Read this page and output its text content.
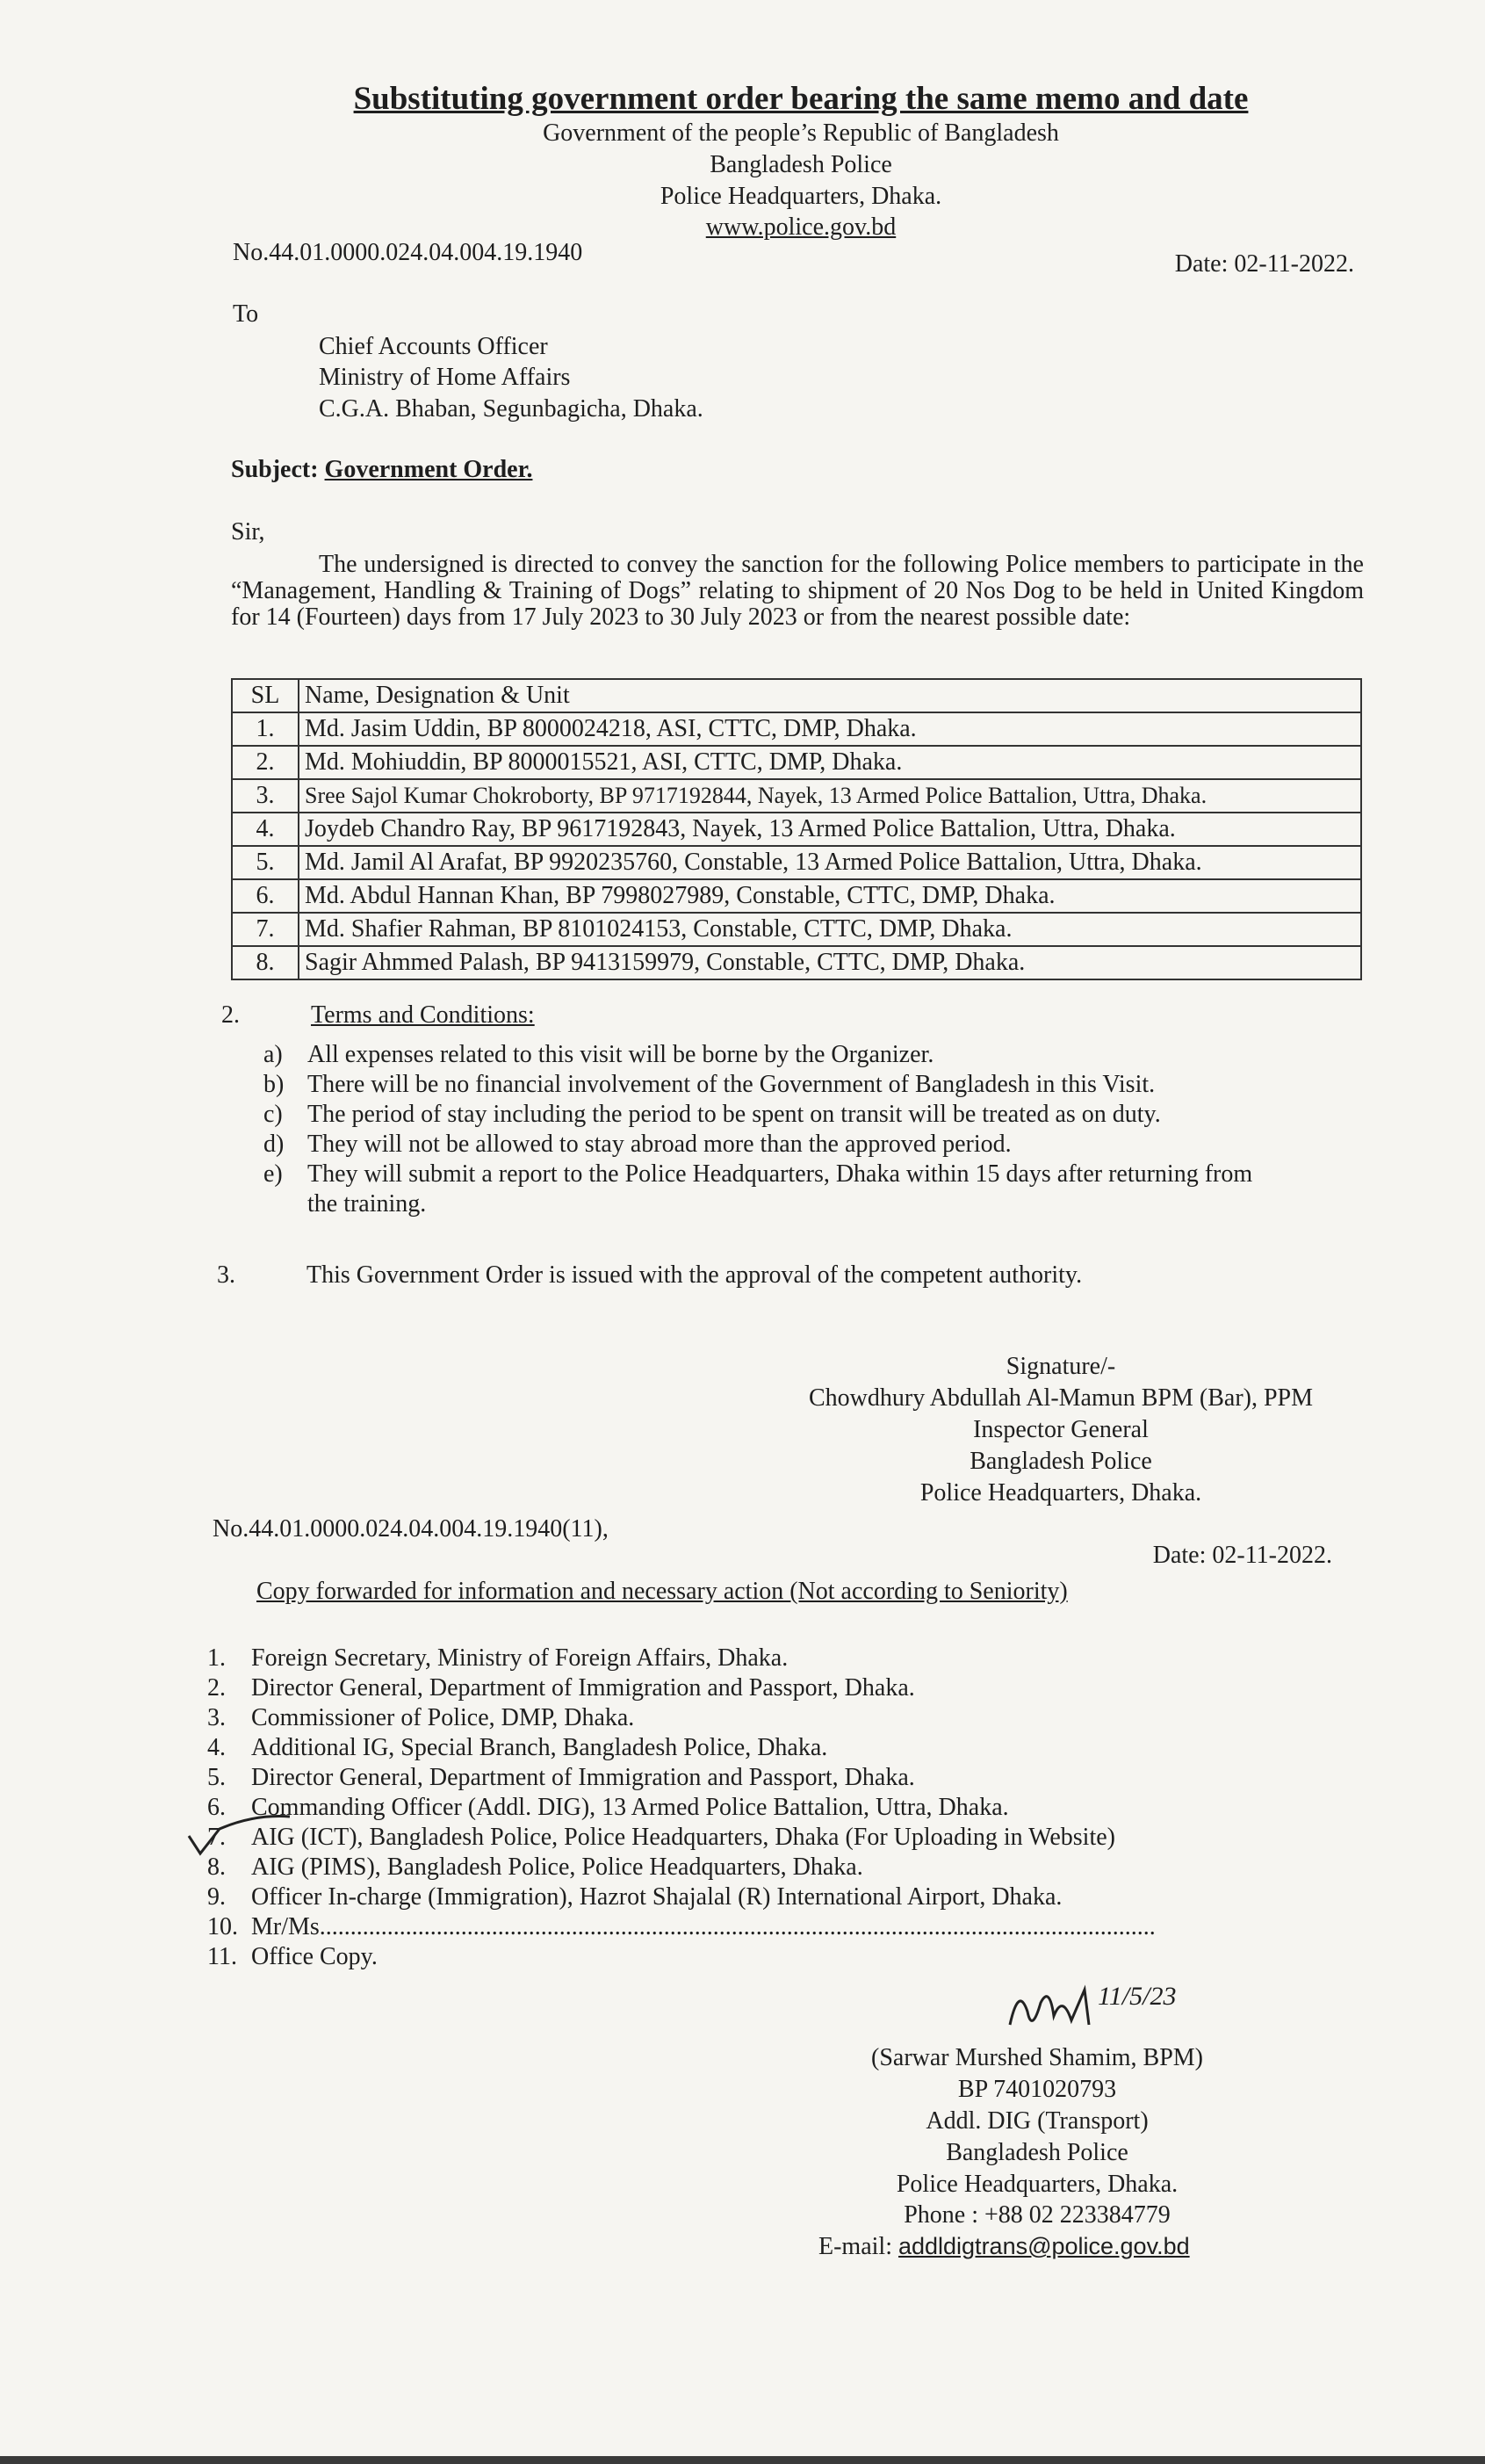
Substituting government order bearing the same memo and date
Government of the people’s Republic of Bangladesh
Bangladesh Police
Police Headquarters, Dhaka.
www.police.gov.bd
No.44.01.0000.024.04.004.19.1940	Date: 02-11-2022.
To
Chief Accounts Officer
Ministry of Home Affairs
C.G.A. Bhaban, Segunbagicha, Dhaka.
Subject: Government Order.
Sir,
The undersigned is directed to convey the sanction for the following Police members to participate in the “Management, Handling & Training of Dogs” relating to shipment of 20 Nos Dog to be held in United Kingdom for 14 (Fourteen) days from 17 July 2023 to 30 July 2023 or from the nearest possible date:
SL	Name, Designation & Unit
1.	Md. Jasim Uddin, BP 8000024218, ASI, CTTC, DMP, Dhaka.
2.	Md. Mohiuddin, BP 8000015521, ASI, CTTC, DMP, Dhaka.
3.	Sree Sajol Kumar Chokroborty, BP 9717192844, Nayek, 13 Armed Police Battalion, Uttra, Dhaka.
4.	Joydeb Chandro Ray, BP 9617192843, Nayek, 13 Armed Police Battalion, Uttra, Dhaka.
5.	Md. Jamil Al Arafat, BP 9920235760, Constable, 13 Armed Police Battalion, Uttra, Dhaka.
6.	Md. Abdul Hannan Khan, BP 7998027989, Constable, CTTC, DMP, Dhaka.
7.	Md. Shafier Rahman, BP 8101024153, Constable, CTTC, DMP, Dhaka.
8.	Sagir Ahmmed Palash, BP 9413159979, Constable, CTTC, DMP, Dhaka.
2.	Terms and Conditions:
a)	All expenses related to this visit will be borne by the Organizer.
b) There will be no financial involvement of the Government of Bangladesh in this Visit.
c)	The period of stay including the period to be spent on transit will be treated as on duty.
d) They will not be allowed to stay abroad more than the approved period.
e)	They will submit a report to the Police Headquarters, Dhaka within 15 days after returning from
the training.
3.	This Government Order is issued with the approval of the competent authority.
Signature/-
Chowdhury Abdullah Al-Mamun BPM (Bar), PPM
Inspector General
Bangladesh Police
Police Headquarters, Dhaka.
No.44.01.0000.024.04.004.19.1940(11),
Date: 02-11-2022.
Copy forwarded for information and necessary action (Not according to Seniority)
1.	Foreign Secretary, Ministry of Foreign Affairs, Dhaka.
2.	Director General, Department of Immigration and Passport, Dhaka.
3.	Commissioner of Police, DMP, Dhaka.
4.	Additional IG, Special Branch, Bangladesh Police, Dhaka.
5.	Director General, Department of Immigration and Passport, Dhaka.
6.	Commanding Officer (Addl. DIG), 13 Armed Police Battalion, Uttra, Dhaka.
7.	AIG (ICT), Bangladesh Police, Police Headquarters, Dhaka (For Uploading in Website)
8.	AIG (PIMS), Bangladesh Police, Police Headquarters, Dhaka.
9.	Officer In-charge (Immigration), Hazrot Shajalal (R) International Airport, Dhaka.
10. Mr/Ms........................................................................................................................................
11. Office Copy.
11/5/23
(Sarwar Murshed Shamim, BPM)
BP 7401020793
Addl. DIG (Transport)
Bangladesh Police
Police Headquarters, Dhaka.
Phone : +88 02 223384779
E-mail: addldigtrans@police.gov.bd
